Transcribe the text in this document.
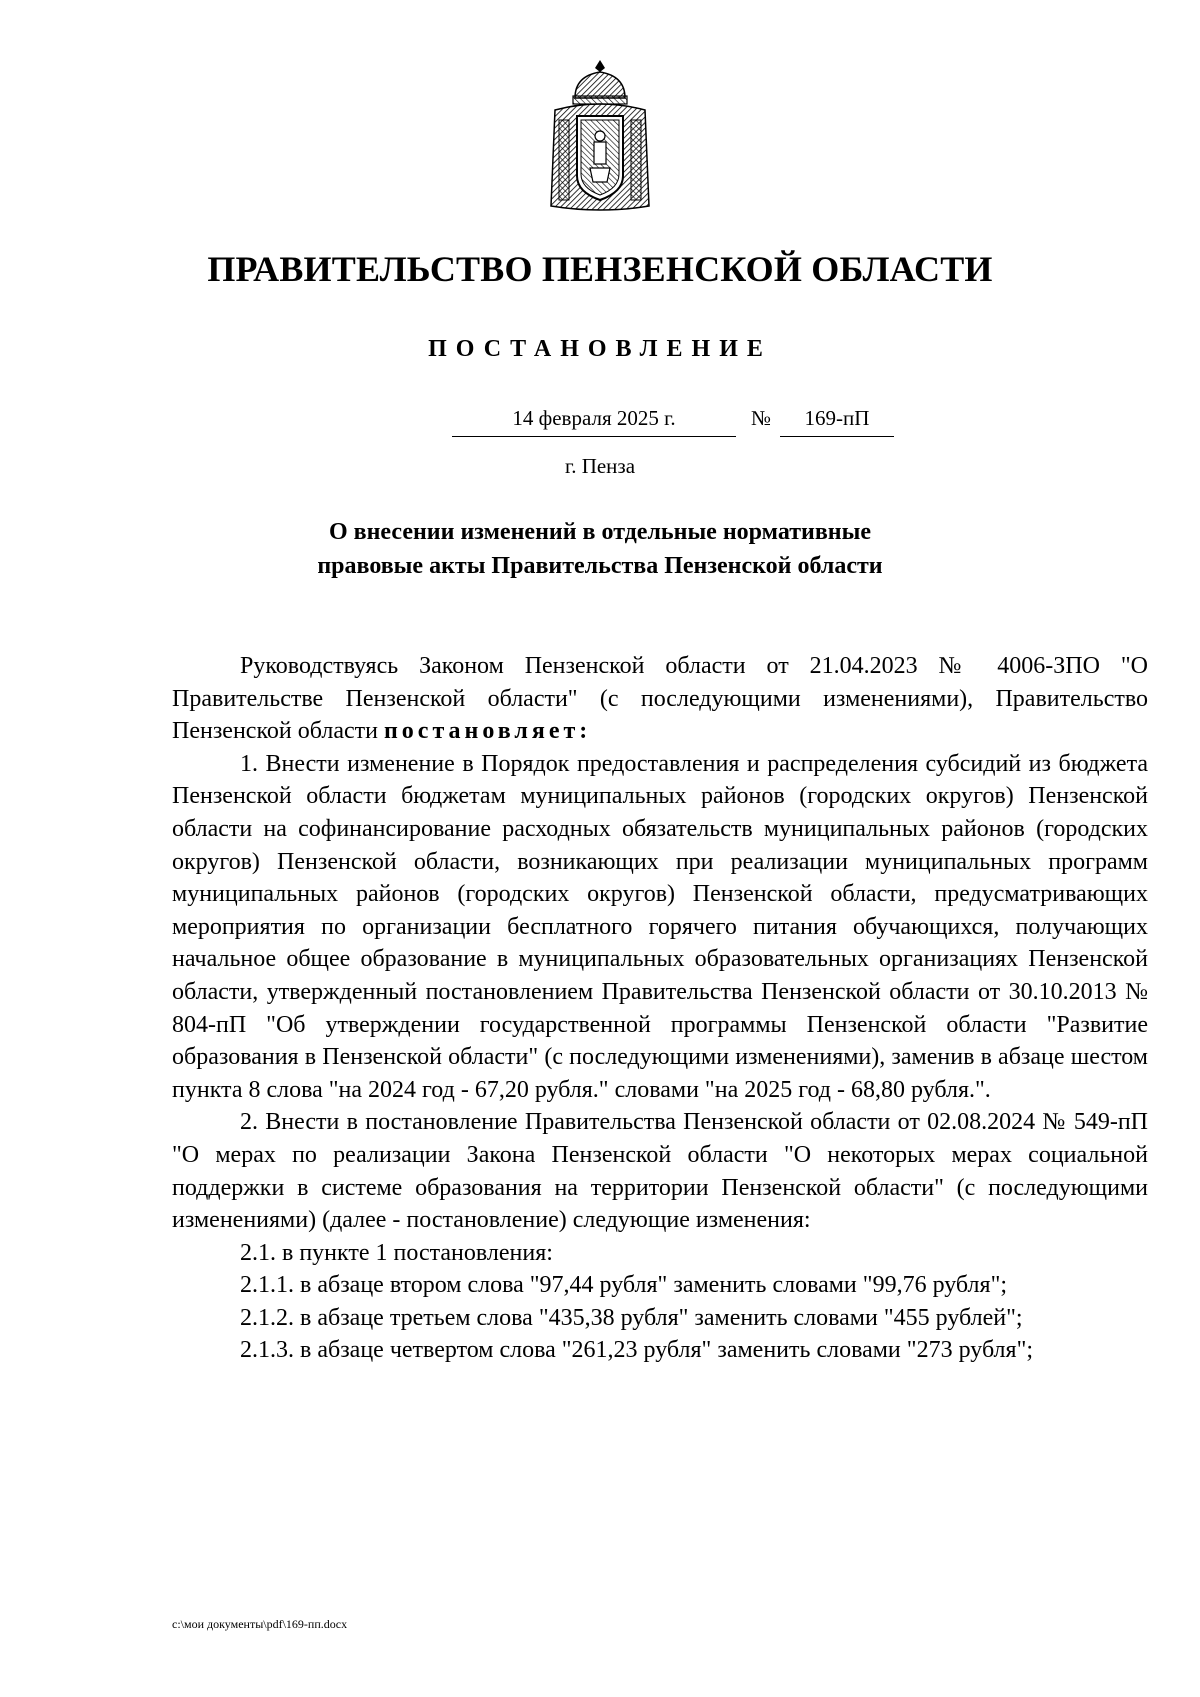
ПРАВИТЕЛЬСТВО ПЕНЗЕНСКОЙ ОБЛАСТИ
ПОСТАНОВЛЕНИЕ
14 февраля 2025 г.	№	169-пП
г. Пенза
О внесении изменений в отдельные нормативные
правовые акты Правительства Пензенской области

Руководствуясь Законом Пензенской области от 21.04.2023 № 4006-ЗПО "О Правительстве Пензенской области" (с последующими изменениями), Правительство Пензенской области постановляет:

1. Внести изменение в Порядок предоставления и распределения субсидий из бюджета Пензенской области бюджетам муниципальных районов (городских округов) Пензенской области на софинансирование расходных обязательств муниципальных районов (городских округов) Пензенской области, возникающих при реализации муниципальных программ муниципальных районов (городских округов) Пензенской области, предусматривающих мероприятия по организации бесплатного горячего питания обучающихся, получающих начальное общее образование в муниципальных образовательных организациях Пензенской области, утвержденный постановлением Правительства Пензенской области от 30.10.2013 № 804-пП "Об утверждении государственной программы Пензенской области "Развитие образования в Пензенской области" (с последующими изменениями), заменив в абзаце шестом пункта 8 слова "на 2024 год - 67,20 рубля." словами "на 2025 год - 68,80 рубля.".

2. Внести в постановление Правительства Пензенской области от 02.08.2024 № 549-пП "О мерах по реализации Закона Пензенской области "О некоторых мерах социальной поддержки в системе образования на территории Пензенской области" (с последующими изменениями) (далее - постановление) следующие изменения:

2.1. в пункте 1 постановления:

2.1.1. в абзаце втором слова "97,44 рубля" заменить словами "99,76 рубля";

2.1.2. в абзаце третьем слова "435,38 рубля" заменить словами "455 рублей";

2.1.3. в абзаце четвертом слова "261,23 рубля" заменить словами "273 рубля";

c:\мои документы\pdf\169-пп.docx
